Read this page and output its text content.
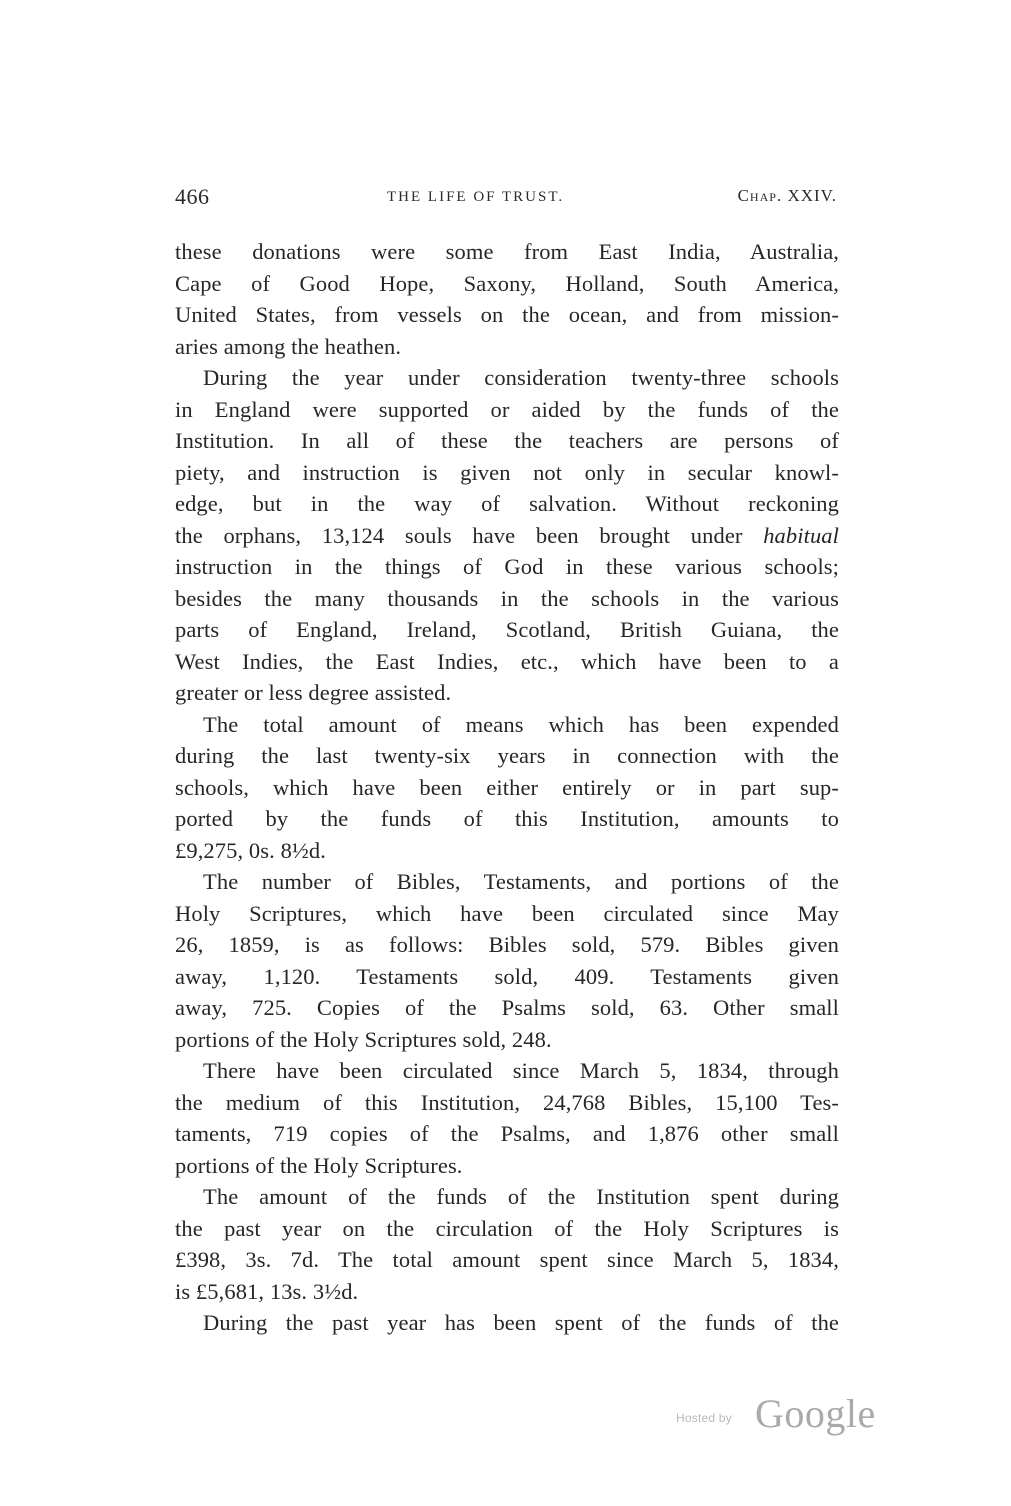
466	THE LIFE OF TRUST.	Chap. XXIV.
these donations were some from East India, Australia,
Cape of Good Hope, Saxony, Holland, South America,
United States, from vessels on the ocean, and from mission-
aries among the heathen.
During the year under consideration twenty-three schools
in England were supported or aided by the funds of the
Institution. In all of these the teachers are persons of
piety, and instruction is given not only in secular knowl-
edge, but in the way of salvation. Without reckoning
the orphans, 13,124 souls have been brought under habitual
instruction in the things of God in these various schools;
besides the many thousands in the schools in the various
parts of England, Ireland, Scotland, British Guiana, the
West Indies, the East Indies, etc., which have been to a
greater or less degree assisted.
The total amount of means which has been expended
during the last twenty-six years in connection with the
schools, which have been either entirely or in part sup-
ported by the funds of this Institution, amounts to
£9,275, 0s. 8½d.
The number of Bibles, Testaments, and portions of the
Holy Scriptures, which have been circulated since May
26, 1859, is as follows: Bibles sold, 579. Bibles given
away, 1,120. Testaments sold, 409. Testaments given
away, 725. Copies of the Psalms sold, 63. Other small
portions of the Holy Scriptures sold, 248.
There have been circulated since March 5, 1834, through
the medium of this Institution, 24,768 Bibles, 15,100 Tes-
taments, 719 copies of the Psalms, and 1,876 other small
portions of the Holy Scriptures.
The amount of the funds of the Institution spent during
the past year on the circulation of the Holy Scriptures is
£398, 3s. 7d. The total amount spent since March 5, 1834,
is £5,681, 13s. 3½d.
During the past year has been spent of the funds of the
Hosted by Google
